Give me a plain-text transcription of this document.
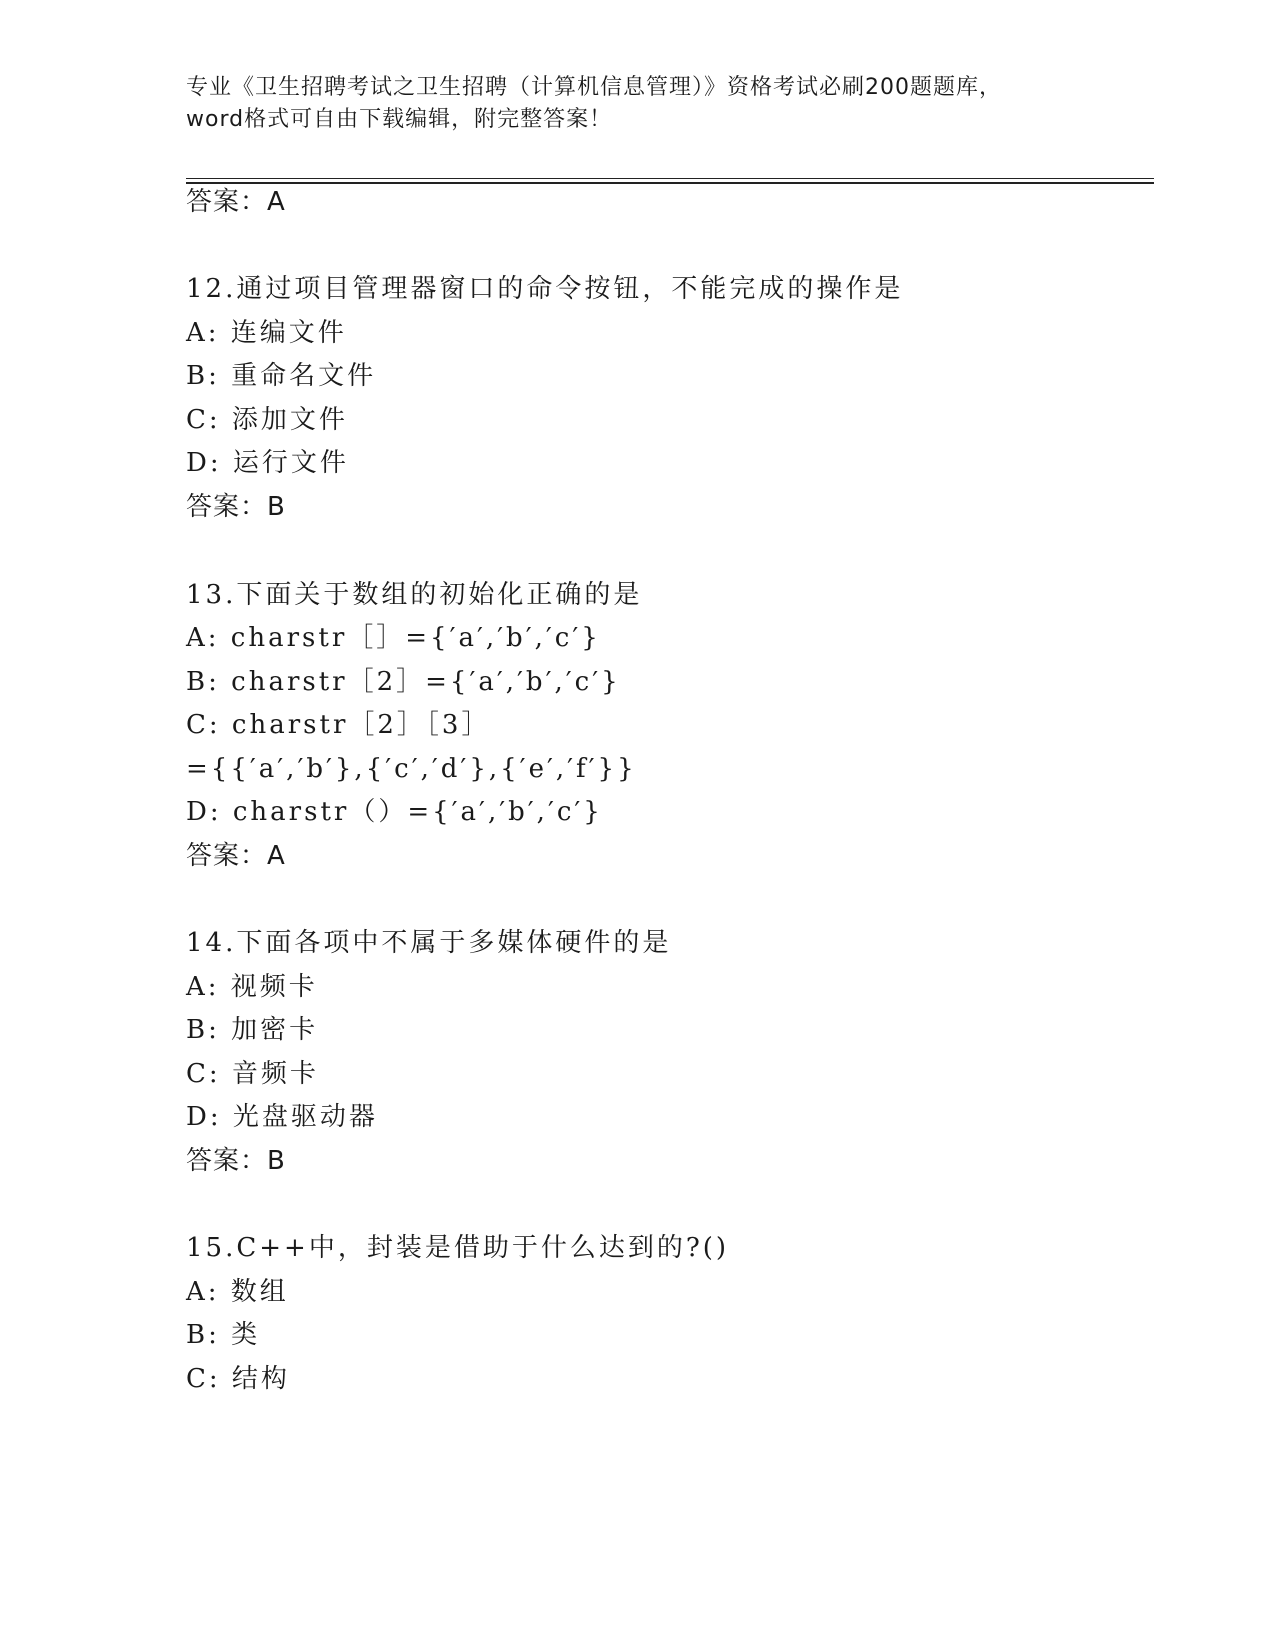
专业《卫生招聘考试之卫生招聘（计算机信息管理）》资格考试必刷200题题库，
word格式可自由下载编辑，附完整答案！
答案：A
12.通过项目管理器窗口的命令按钮，不能完成的操作是
A: 连编文件
B: 重命名文件
C: 添加文件
D: 运行文件
答案：B
13.下面关于数组的初始化正确的是
A: charstr［］={′a′,′b′,′c′}
B: charstr［2］={′a′,′b′,′c′}
C: charstr［2］［3］
={{′a′,′b′},{′c′,′d′},{′e′,′f′}}
D: charstr（）={′a′,′b′,′c′}
答案：A
14.下面各项中不属于多媒体硬件的是
A: 视频卡
B: 加密卡
C: 音频卡
D: 光盘驱动器
答案：B
15.C++中，封装是借助于什么达到的?()
A: 数组
B: 类
C: 结构
